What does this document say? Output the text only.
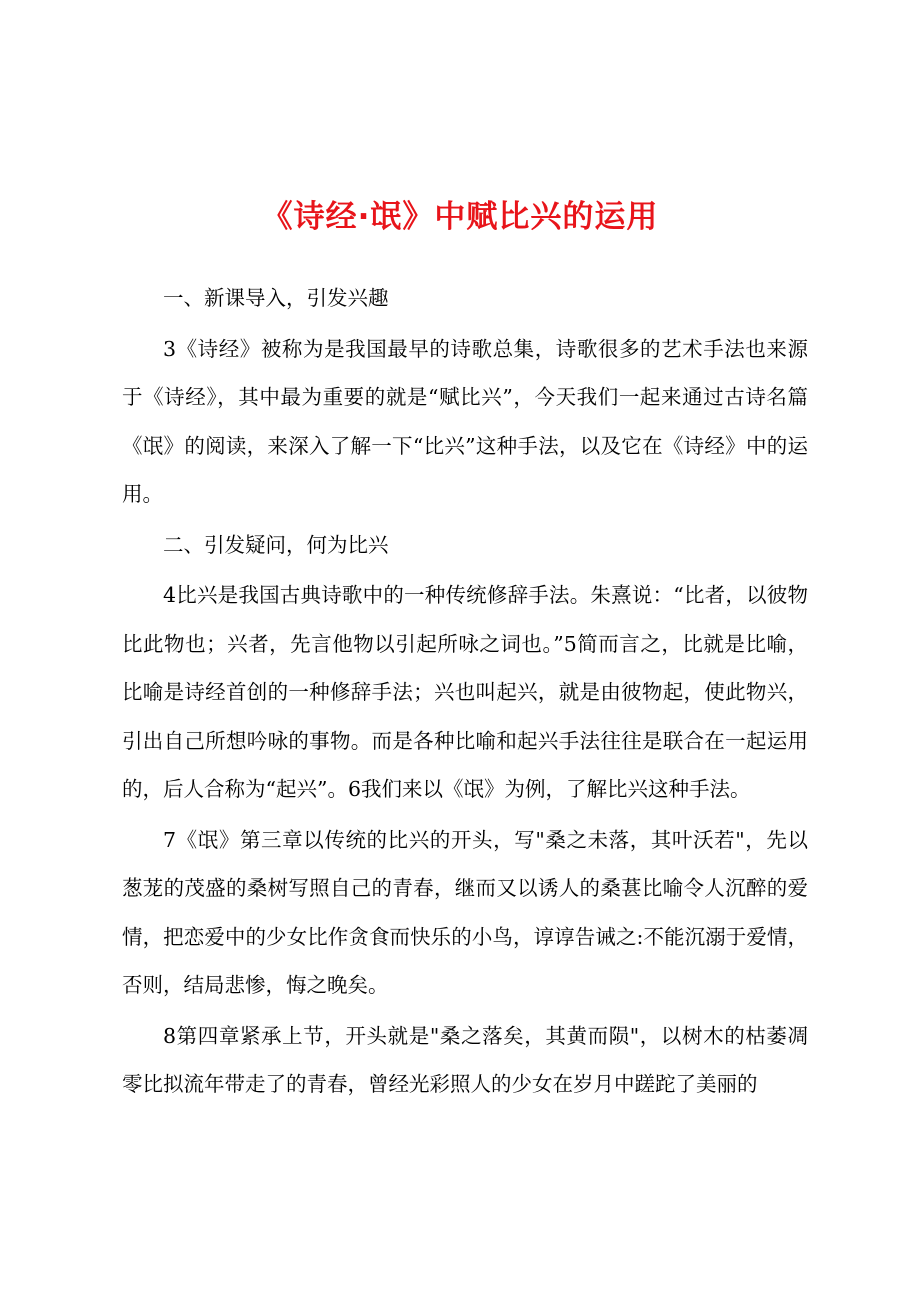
《诗经·氓》中赋比兴的运用

一、新课导入，引发兴趣

3《诗经》被称为是我国最早的诗歌总集，诗歌很多的艺术手法也来源于《诗经》，其中最为重要的就是“赋比兴”，今天我们一起来通过古诗名篇《氓》的阅读，来深入了解一下“比兴”这种手法，以及它在《诗经》中的运用。

二、引发疑问，何为比兴

4比兴是我国古典诗歌中的一种传统修辞手法。朱熹说：“比者，以彼物比此物也；兴者，先言他物以引起所咏之词也。”5简而言之，比就是比喻，比喻是诗经首创的一种修辞手法；兴也叫起兴，就是由彼物起，使此物兴，引出自己所想吟咏的事物。而是各种比喻和起兴手法往往是联合在一起运用的，后人合称为“起兴”。6我们来以《氓》为例，了解比兴这种手法。

7《氓》第三章以传统的比兴的开头，写"桑之未落，其叶沃若"，先以葱茏的茂盛的桑树写照自己的青春，继而又以诱人的桑葚比喻令人沉醉的爱情，把恋爱中的少女比作贪食而快乐的小鸟，谆谆告诫之:不能沉溺于爱情，否则，结局悲惨，悔之晚矣。

8第四章紧承上节，开头就是"桑之落矣，其黄而陨"，以树木的枯萎凋零比拟流年带走了的青春，曾经光彩照人的少女在岁月中蹉跎了美丽的
